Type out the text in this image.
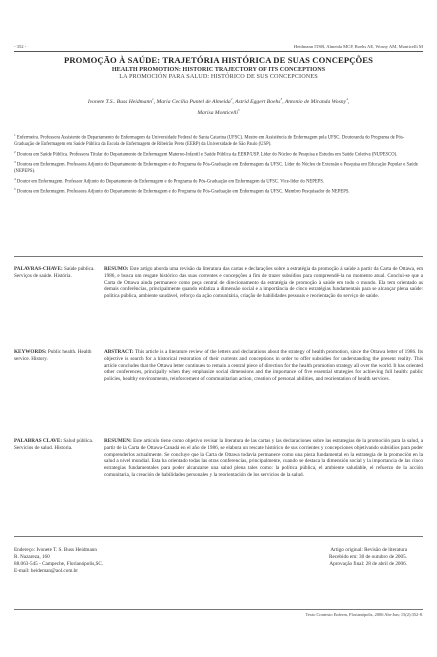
- 352 -	Heidmann ITSB, Almeida MCP, Boehs AE, Wosny AM, Monticelli M
PROMOÇÃO À SAÚDE: TRAJETÓRIA HISTÓRICA DE SUAS CONCEPÇÕES
HEALTH PROMOTION: HISTORIC TRAJECTORY OF ITS CONCEPTIONS
LA PROMOCIÓN PARA SALUD: HISTÓRICO DE SUS CONCEPCIONES
Ivonete T.S.. Buss Heidmann$^1$, Maria Cecília Puntel de Almeida$^2$, Astrid Eggert Boehs$^3$, Antonio de Miranda Wosny$^4$,
Marisa Monticelli$^5$

$^1$ Enfermeira. Professora Assistente do Departamento de Enfermagem da Universidade Federal de Santa Catarina (UFSC). Mestre em Assistência de Enfermagem pela UFSC. Doutoranda do Programa de Pós-Graduação de Enfermagem em Saúde Pública da Escola de Enfermagem de Ribeirão Preto (EERP) da Universidade de São Paulo (USP).

$^2$ Doutora em Saúde Pública. Professora Titular do Departamento de Enfermagem Materno-Infantil e Saúde Pública da EERP/USP. Líder do Núcleo de Pesquisa e Estudos em Saúde Coletiva (NUPESCO).

$^3$ Doutora em Enfermagem. Professora Adjunto do Departamento de Enfermagem e do Programa de Pós-Graduação em Enfermagem da UFSC. Líder do Núcleo de Extensão e Pesquisa em Educação Popular e Saúde (NEPEPS).

$^4$ Doutor em Enfermagem. Professor Adjunto do Departamento de Enfermagem e do Programa de Pós-Graduação em Enfermagem da UFSC. Vice-líder do NEPEPS.

$^5$ Doutora em Enfermagem. Professora Adjunto do Departamento de Enfermagem e do Programa de Pós-Graduação em Enfermagem da UFSC. Membro Pesquisador do NEPEPS.

PALAVRAS-CHAVE: Saúde pública. Serviços de saúde. História.
RESUMO: Este artigo aborda uma revisão da literatura das cartas e declarações sobre a estratégia da promoção à saúde a partir da Carta de Ottawa, em 1986, e busca um resgate histórico das suas correntes e concepções a fim de trazer subsídios para compreendê-la no momento atual. Conclui-se que a Carta de Ottawa ainda permanece como peça central de direcionamento da estratégia de promoção à saúde em todo o mundo. Ela tem orientado as demais conferências, principalmente quando enfatiza a dimensão social e a importância de cinco estratégias fundamentais para se alcançar plena saúde: política pública, ambiente saudável, reforço da ação comunitária, criação de habilidades pessoais e reorientação do serviço de saúde.
KEYWORDS: Public health. Health service. History.
ABSTRACT: This article is a literature review of the letters and declarations about the strategy of health promotion, since the Ottawa letter of 1986. Its objective is search for a historical restoration of their currents and conceptions in order to offer subsidies for understanding the present reality. This article concludes that the Ottawa letter continues to remain a central piece of direction for the health promotion strategy all over the world. It has oriented other conferences, principally when they emphasize social dimensions and the importance of five essential strategies for achieving full health: public policies, healthy environments, reinforcement of communitarian action, creation of personal abilities, and reorientation of health services.
PALABRAS CLAVE: Salud pública. Servicios de salud. Historia.
RESUMEN: Este artículo tiene como objetivo revisar la literatura de las cartas y las declaraciones sobre las estrategias de la promoción para la salud, a partir de la Carta de Ottawa-Canadá en el año de 1986, se elabora un rescate histórico de sus corrientes y concepciones objetivando subsidios para poder comprenderlos actualmente. Se concluye que la Carta de Ottawa todavía permanece como una pieza fundamental en la estrategia de la promoción en la salud a nivel mundial. Esta ha orientado todas las otras conferencias, principalmente, cuando se destaca la dimensión social y la importancia de las cinco estrategias fundamentales para poder alcanzarse una salud plena tales como: la política pública, el ambiente saludable, el refuerzo de la acción comunitaria, la creación de habilidades personales y la reorientación de los servicios de la salud.
Endereço: Ivonete T. S. Buss Heidmann
R. Nazareza, 160
88.063-545 - Campeche, Florianópolis,SC.
E-mail: heideman@aol.com.br
Artigo original: Revisão de literatura
Recebido em: 30 de outubro de 2005.
Aprovação final: 28 de abril de 2006.
Texto Contexto Enferm, Florianópolis, 2006 Abr-Jun; 15(2):352-8.
